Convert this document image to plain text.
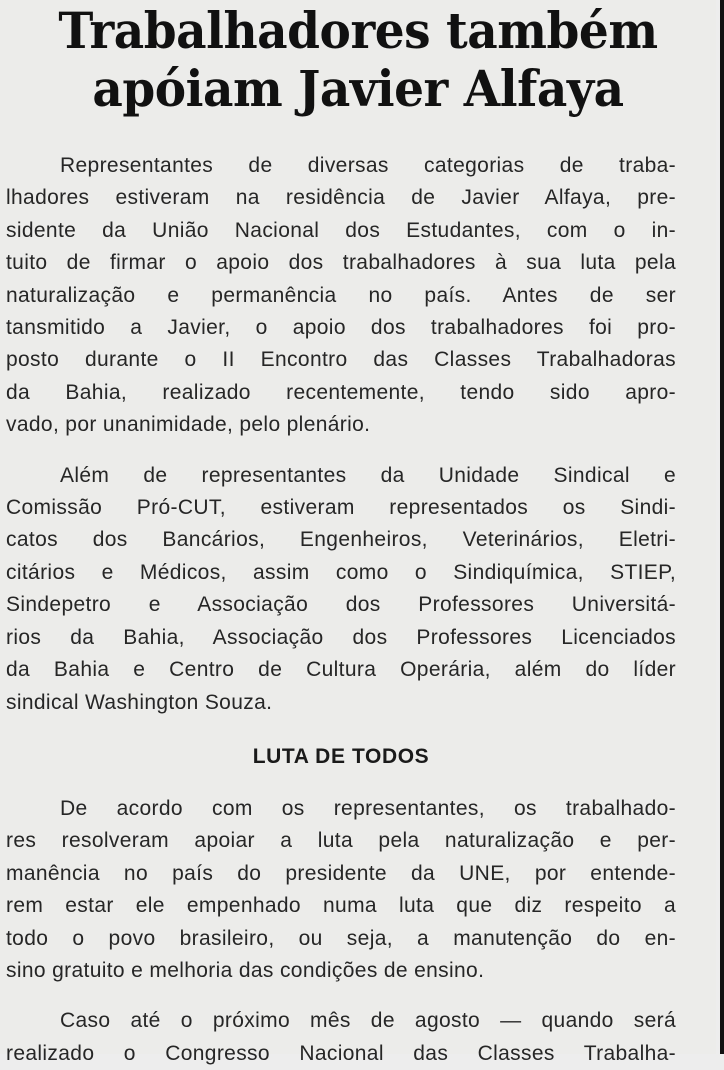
Trabalhadores também
apóiam Javier Alfaya

Representantes de diversas categorias de traba-
lhadores estiveram na residência de Javier Alfaya, pre-
sidente da União Nacional dos Estudantes, com o in-
tuito de firmar o apoio dos trabalhadores à sua luta pela
naturalização e permanência no país. Antes de ser
tansmitido a Javier, o apoio dos trabalhadores foi pro-
posto durante o II Encontro das Classes Trabalhadoras
da Bahia, realizado recentemente, tendo sido apro-
vado, por unanimidade, pelo plenário.

Além de representantes da Unidade Sindical e
Comissão Pró-CUT, estiveram representados os Sindi-
catos dos Bancários, Engenheiros, Veterinários, Eletri-
citários e Médicos, assim como o Sindiquímica, STIEP,
Sindepetro e Associação dos Professores Universitá-
rios da Bahia, Associação dos Professores Licenciados
da Bahia e Centro de Cultura Operária, além do líder
sindical Washington Souza.

LUTA DE TODOS

De acordo com os representantes, os trabalhado-
res resolveram apoiar a luta pela naturalização e per-
manência no país do presidente da UNE, por entende-
rem estar ele empenhado numa luta que diz respeito a
todo o povo brasileiro, ou seja, a manutenção do en-
sino gratuito e melhoria das condições de ensino.

Caso até o próximo mês de agosto — quando será
realizado o Congresso Nacional das Classes Trabalha-
